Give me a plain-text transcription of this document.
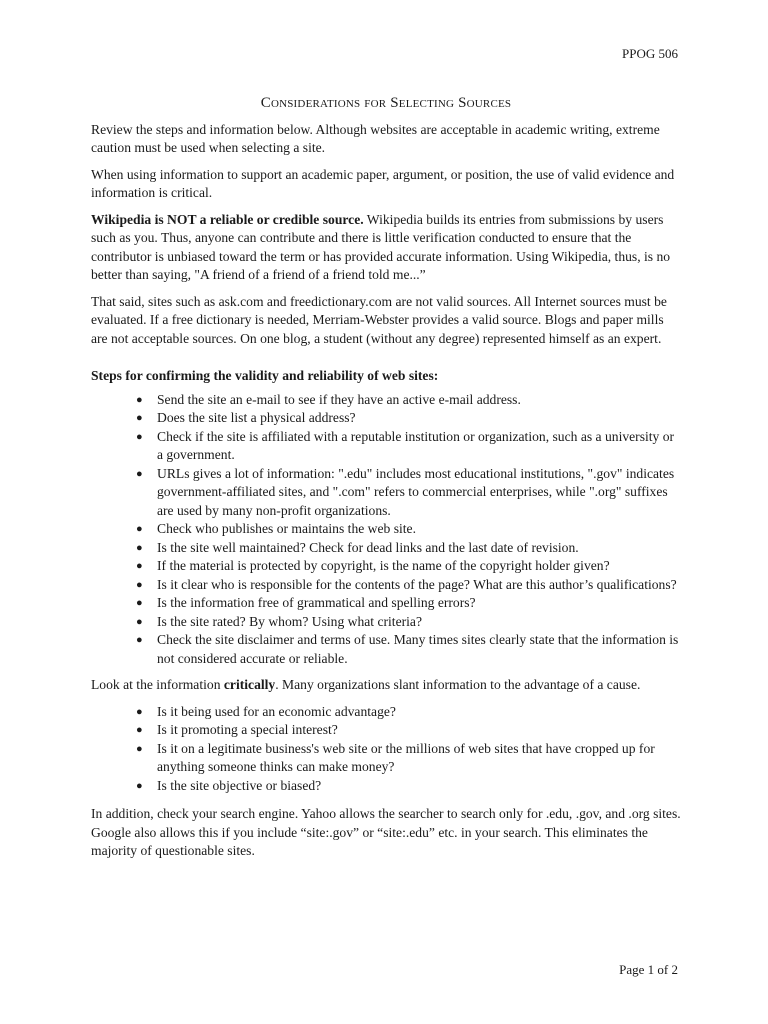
PPOG 506
Considerations for Selecting Sources

Review the steps and information below. Although websites are acceptable in academic writing, extreme caution must be used when selecting a site.

When using information to support an academic paper, argument, or position, the use of valid evidence and information is critical.

Wikipedia is NOT a reliable or credible source. Wikipedia builds its entries from submissions by users such as you. Thus, anyone can contribute and there is little verification conducted to ensure that the contributor is unbiased toward the term or has provided accurate information. Using Wikipedia, thus, is no better than saying, "A friend of a friend of a friend told me...”

That said, sites such as ask.com and freedictionary.com are not valid sources. All Internet sources must be evaluated. If a free dictionary is needed, Merriam-Webster provides a valid source. Blogs and paper mills are not acceptable sources. On one blog, a student (without any degree) represented himself as an expert.

Steps for confirming the validity and reliability of web sites:
● Send the site an e-mail to see if they have an active e-mail address.
● Does the site list a physical address?
● Check if the site is affiliated with a reputable institution or organization, such as a university or a government.
● URLs gives a lot of information: ".edu" includes most educational institutions, ".gov" indicates government-affiliated sites, and ".com" refers to commercial enterprises, while ".org" suffixes are used by many non-profit organizations.
● Check who publishes or maintains the web site.
● Is the site well maintained? Check for dead links and the last date of revision.
● If the material is protected by copyright, is the name of the copyright holder given?
● Is it clear who is responsible for the contents of the page? What are this author’s qualifications?
● Is the information free of grammatical and spelling errors?
● Is the site rated? By whom? Using what criteria?
● Check the site disclaimer and terms of use. Many times sites clearly state that the information is not considered accurate or reliable.

Look at the information critically. Many organizations slant information to the advantage of a cause.

● Is it being used for an economic advantage?
● Is it promoting a special interest?
● Is it on a legitimate business's web site or the millions of web sites that have cropped up for anything someone thinks can make money?
● Is the site objective or biased?

In addition, check your search engine. Yahoo allows the searcher to search only for .edu, .gov, and .org sites. Google also allows this if you include “site:.gov” or “site:.edu” etc. in your search. This eliminates the majority of questionable sites.

Page 1 of 2
